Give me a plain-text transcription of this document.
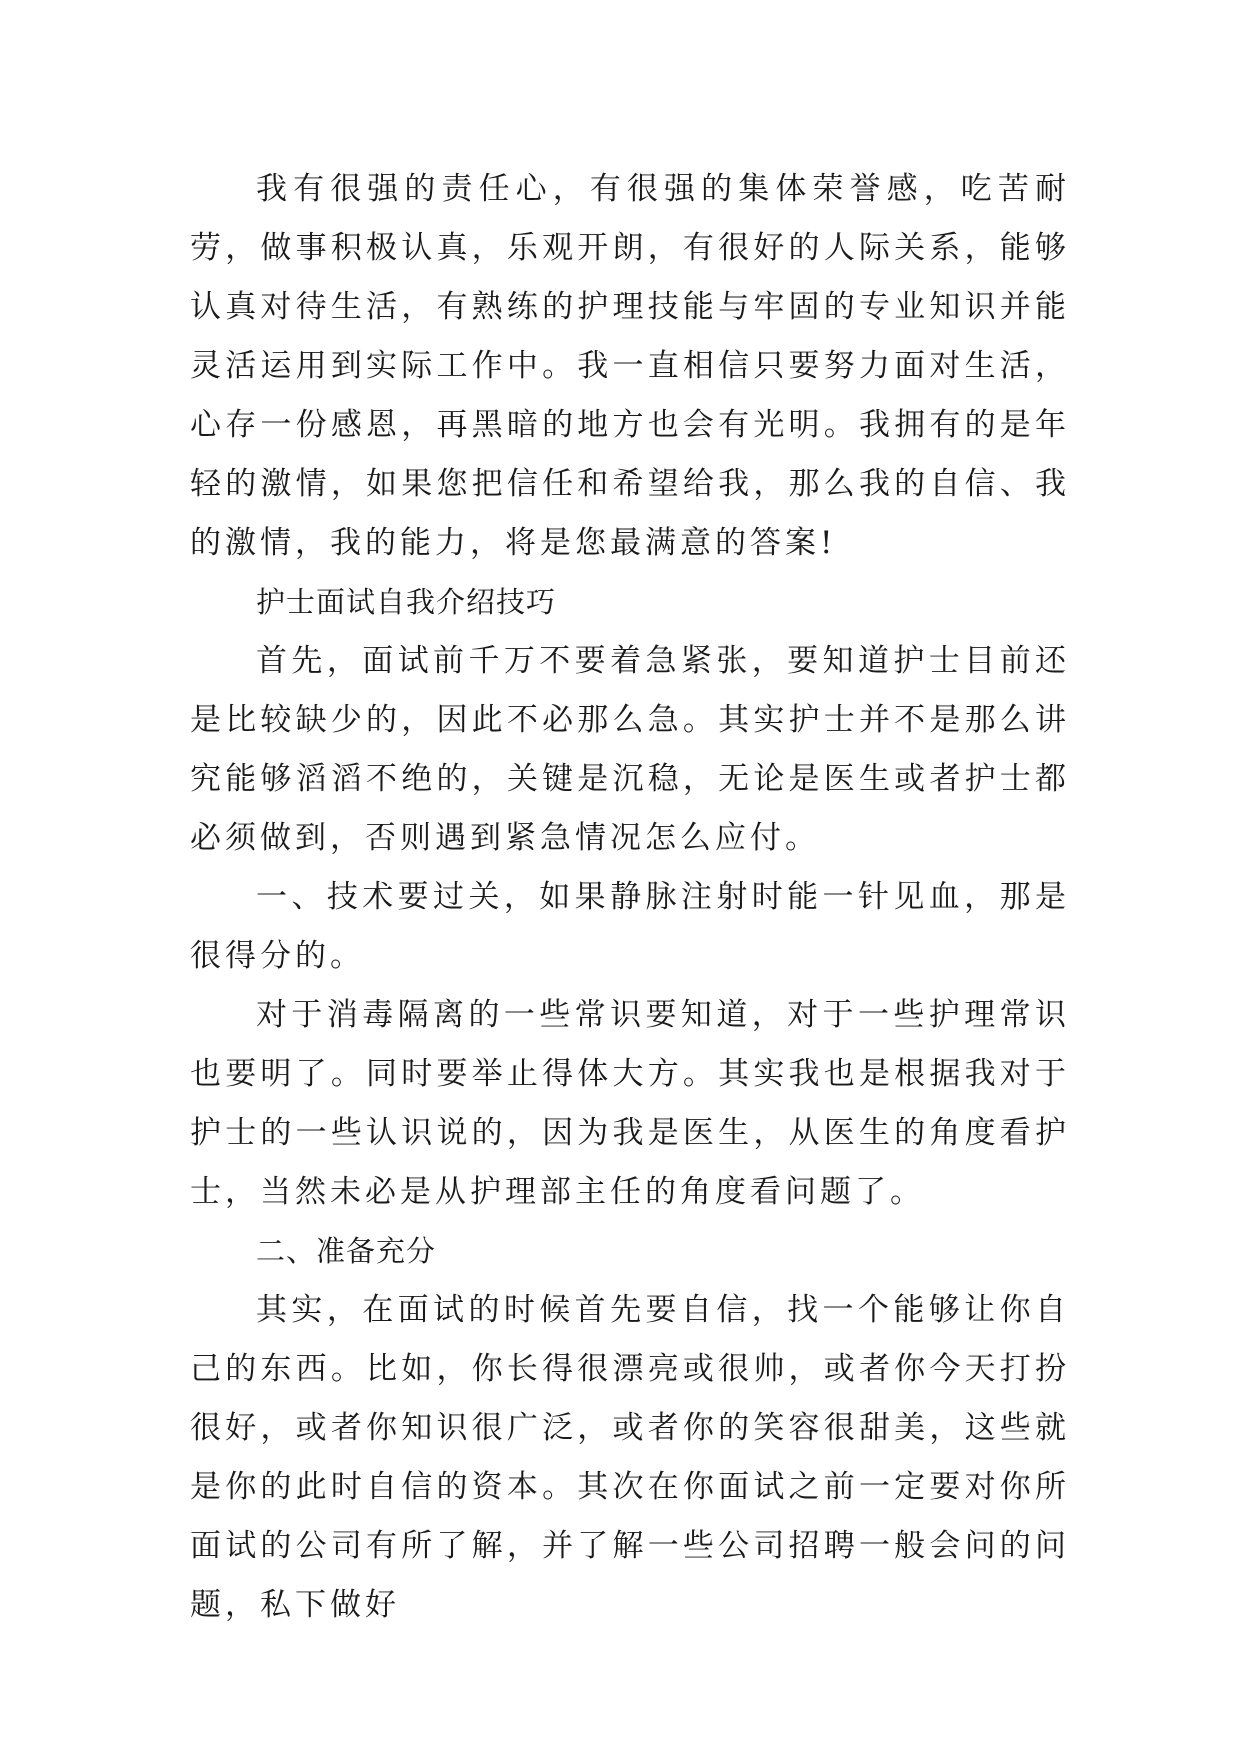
我有很强的责任心，有很强的集体荣誉感，吃苦耐劳，做事积极认真，乐观开朗，有很好的人际关系，能够认真对待生活，有熟练的护理技能与牢固的专业知识并能灵活运用到实际工作中。我一直相信只要努力面对生活，心存一份感恩，再黑暗的地方也会有光明。我拥有的是年轻的激情，如果您把信任和希望给我，那么我的自信、我的激情，我的能力，将是您最满意的答案!

护士面试自我介绍技巧

首先，面试前千万不要着急紧张，要知道护士目前还是比较缺少的，因此不必那么急。其实护士并不是那么讲究能够滔滔不绝的，关键是沉稳，无论是医生或者护士都必须做到，否则遇到紧急情况怎么应付。

一、技术要过关，如果静脉注射时能一针见血，那是很得分的。

对于消毒隔离的一些常识要知道，对于一些护理常识也要明了。同时要举止得体大方。其实我也是根据我对于护士的一些认识说的，因为我是医生，从医生的角度看护士，当然未必是从护理部主任的角度看问题了。

二、准备充分

其实，在面试的时候首先要自信，找一个能够让你自己的东西。比如，你长得很漂亮或很帅，或者你今天打扮很好，或者你知识很广泛，或者你的笑容很甜美，这些就是你的此时自信的资本。其次在你面试之前一定要对你所面试的公司有所了解，并了解一些公司招聘一般会问的问题，私下做好
